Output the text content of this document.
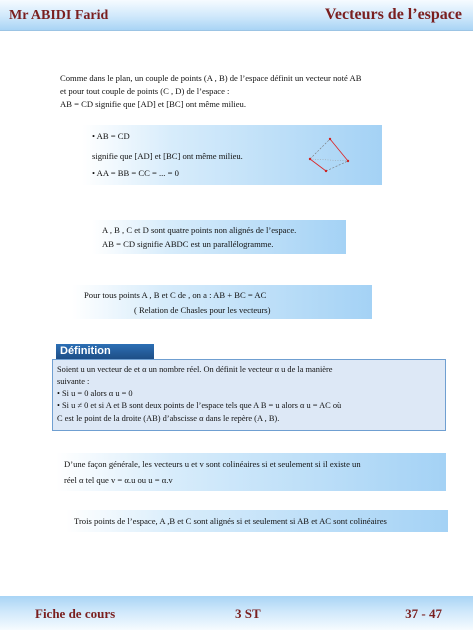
Mr ABIDI Farid	Vecteurs de l’espace
Comme dans le plan, un couple de points (A , B) de l’espace définit un vecteur noté AB
et pour tout couple de points (C , D) de l’espace :
AB = CD signifie que [AD] et [BC] ont même milieu.
• AB = CD
signifie que [AD] et [BC] ont même milieu.
• AA = BB = CC = ... = 0
A , B , C et D sont quatre points non alignés de l’espace.
AB = CD signifie ABDC est un parallélogramme.
Pour tous points A , B et C de , on a : AB + BC = AC
( Relation de Chasles pour les vecteurs)
Définition
Soient u un vecteur de et α un nombre réel. On définit le vecteur α u de la manière
suivante :
• Si u = 0 alors α u = 0
• Si u ≠ 0 et si A et B sont deux points de l’espace tels que A B = u alors α u = AC où
C est le point de la droite (AB) d’abscisse α dans le repère (A , B).
D’une façon générale, les vecteurs u et v sont colinéaires si et seulement si il existe un
réel α tel que v = α.u ou u = α.v
Trois points de l’espace, A ,B et C sont alignés si et seulement si AB et AC sont colinéaires
Fiche de cours	3 ST	37 - 47
